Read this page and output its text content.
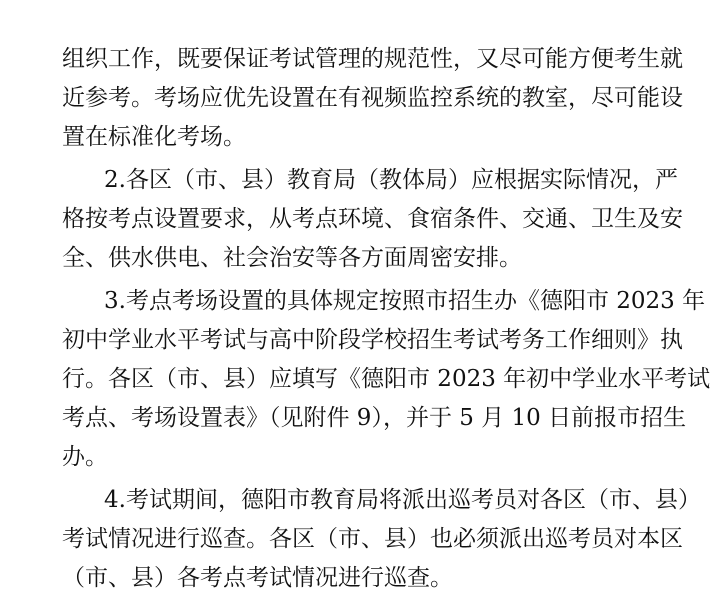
组织工作，既要保证考试管理的规范性，又尽可能方便考生就
近参考。考场应优先设置在有视频监控系统的教室，尽可能设
置在标准化考场。
2.各区（市、县）教育局（教体局）应根据实际情况，严
格按考点设置要求，从考点环境、食宿条件、交通、卫生及安
全、供水供电、社会治安等各方面周密安排。
3.考点考场设置的具体规定按照市招生办《德阳市 2023 年
初中学业水平考试与高中阶段学校招生考试考务工作细则》执
行。各区（市、县）应填写《德阳市 2023 年初中学业水平考试
考点、考场设置表》（见附件 9），并于 5 月 10 日前报市招生
办。
4.考试期间，德阳市教育局将派出巡考员对各区（市、县）
考试情况进行巡查。各区（市、县）也必须派出巡考员对本区
（市、县）各考点考试情况进行巡查。
